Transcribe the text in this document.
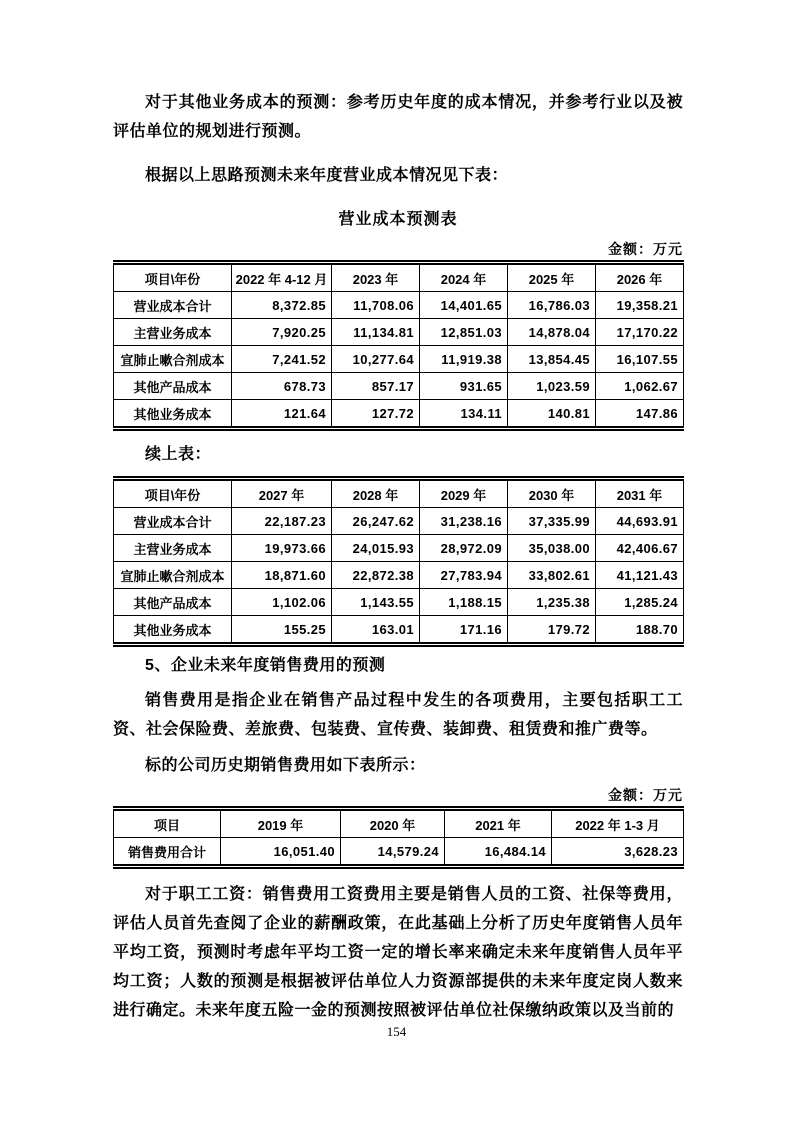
对于其他业务成本的预测：参考历史年度的成本情况，并参考行业以及被评估单位的规划进行预测。

根据以上思路预测未来年度营业成本情况见下表：

营业成本预测表
金额：万元
项目\年份	2022 年 4-12 月	2023 年	2024 年	2025 年	2026 年
营业成本合计	8,372.85	11,708.06	14,401.65	16,786.03	19,358.21
主营业务成本	7,920.25	11,134.81	12,851.03	14,878.04	17,170.22
宣肺止嗽合剂成本	7,241.52	10,277.64	11,919.38	13,854.45	16,107.55
其他产品成本	678.73	857.17	931.65	1,023.59	1,062.67
其他业务成本	121.64	127.72	134.11	140.81	147.86

续上表：

项目\年份	2027 年	2028 年	2029 年	2030 年	2031 年
营业成本合计	22,187.23	26,247.62	31,238.16	37,335.99	44,693.91
主营业务成本	19,973.66	24,015.93	28,972.09	35,038.00	42,406.67
宣肺止嗽合剂成本	18,871.60	22,872.38	27,783.94	33,802.61	41,121.43
其他产品成本	1,102.06	1,143.55	1,188.15	1,235.38	1,285.24
其他业务成本	155.25	163.01	171.16	179.72	188.70

5、企业未来年度销售费用的预测

销售费用是指企业在销售产品过程中发生的各项费用，主要包括职工工资、社会保险费、差旅费、包装费、宣传费、装卸费、租赁费和推广费等。

标的公司历史期销售费用如下表所示：

金额：万元
项目	2019 年	2020 年	2021 年	2022 年 1-3 月
销售费用合计	16,051.40	14,579.24	16,484.14	3,628.23

对于职工工资：销售费用工资费用主要是销售人员的工资、社保等费用，评估人员首先查阅了企业的薪酬政策，在此基础上分析了历史年度销售人员年平均工资，预测时考虑年平均工资一定的增长率来确定未来年度销售人员年平均工资；人数的预测是根据被评估单位人力资源部提供的未来年度定岗人数来进行确定。未来年度五险一金的预测按照被评估单位社保缴纳政策以及当前的

154
